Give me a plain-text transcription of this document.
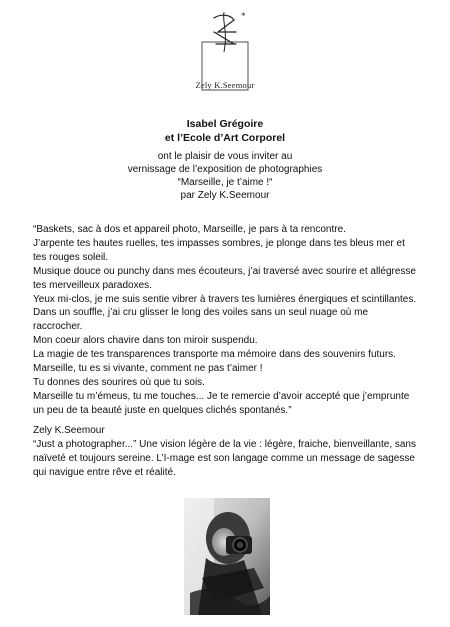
*
Zely K.Seemour
Isabel Grégoire
et l’Ecole d’Art Corporel
ont le plaisir de vous inviter au
vernissage de l’exposition de photographies
“Marseille, je t’aime !“
par Zely K.Seemour

“Baskets, sac à dos et appareil photo, Marseille, je pars à ta rencontre.

J’arpente tes hautes ruelles, tes impasses sombres, je plonge dans tes bleus mer et tes rouges soleil.

Musique douce ou punchy dans mes écouteurs, j’ai traversé avec sourire et allégresse tes merveilleux paradoxes.

Yeux mi-clos, je me suis sentie vibrer à travers tes lumières énergiques et scintillantes.

Dans un souffle, j’ai cru glisser le long des voiles sans un seul nuage où me raccrocher.

Mon coeur alors chavire dans ton miroir suspendu.

La magie de tes transparences transporte ma mémoire dans des souvenirs futurs.

Marseille, tu es si vivante, comment ne pas t’aimer !

Tu donnes des sourires où que tu sois.

Marseille tu m’émeus, tu me touches... Je te remercie d’avoir accepté que j’emprunte un peu de ta beauté juste en quelques clichés spontanés.”

Zely K.Seemour

“Just a photographer...” Une vision légère de la vie : légère, fraiche, bienveillante, sans naïveté et toujours sereine. L’I-mage est son langage comme un message de sagesse qui navigue entre rêve et réalité.
